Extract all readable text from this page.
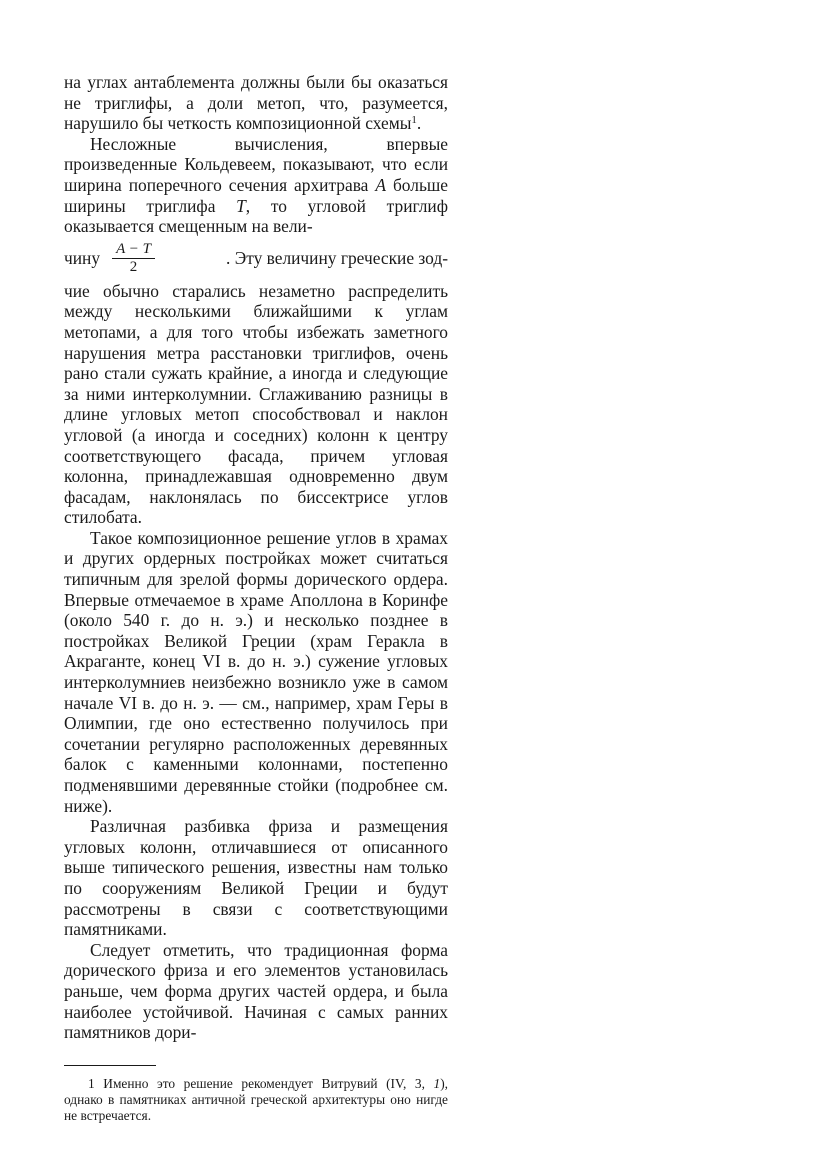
на углах антаблемента должны были бы оказаться не триглифы, а доли метоп, что, разумеется, нарушило бы четкость композиционной схемы$^1$.

Несложные вычисления, впервые произведенные Кольдевеем, показывают, что если ширина поперечного сечения архитрава A больше ширины триглифа T, то угловой триглиф оказывается смещенным на вели-

чину $\frac{A - T}{2}$	. Эту величину греческие зод-

чие обычно старались незаметно распределить между несколькими ближайшими к углам метопами, а для того чтобы избежать заметного нарушения метра расстановки триглифов, очень рано стали сужать крайние, а иногда и следующие за ними интерколумнии. Сглаживанию разницы в длине угловых метоп способствовал и наклон угловой (а иногда и соседних) колонн к центру соответствующего фасада, причем угловая колонна, принадлежавшая одновременно двум фасадам, наклонялась по биссектрисе углов стилобата.

Такое композиционное решение углов в храмах и других ордерных постройках может считаться типичным для зрелой формы дорического ордера. Впервые отмечаемое в храме Аполлона в Коринфе (около 540 г. до н. э.) и несколько позднее в постройках Великой Греции (храм Геракла в Акраганте, конец VI в. до н. э.) сужение угловых интерколумниев неизбежно возникло уже в самом начале VI в. до н. э. — см., например, храм Геры в Олимпии, где оно естественно получилось при сочетании регулярно расположенных деревянных балок с каменными колоннами, постепенно подменявшими деревянные стойки (подробнее см. ниже).

Различная разбивка фриза и размещения угловых колонн, отличавшиеся от описанного выше типического решения, известны нам только по сооружениям Великой Греции и будут рассмотрены в связи с соответствующими памятниками.

Следует отметить, что традиционная форма дорического фриза и его элементов установилась раньше, чем форма других частей ордера, и была наиболее устойчивой. Начиная с самых ранних памятников дори-

1 Именно это решение рекомендует Витрувий (IV, 3, 1), однако в памятниках античной греческой архитектуры оно нигде не встречается.
